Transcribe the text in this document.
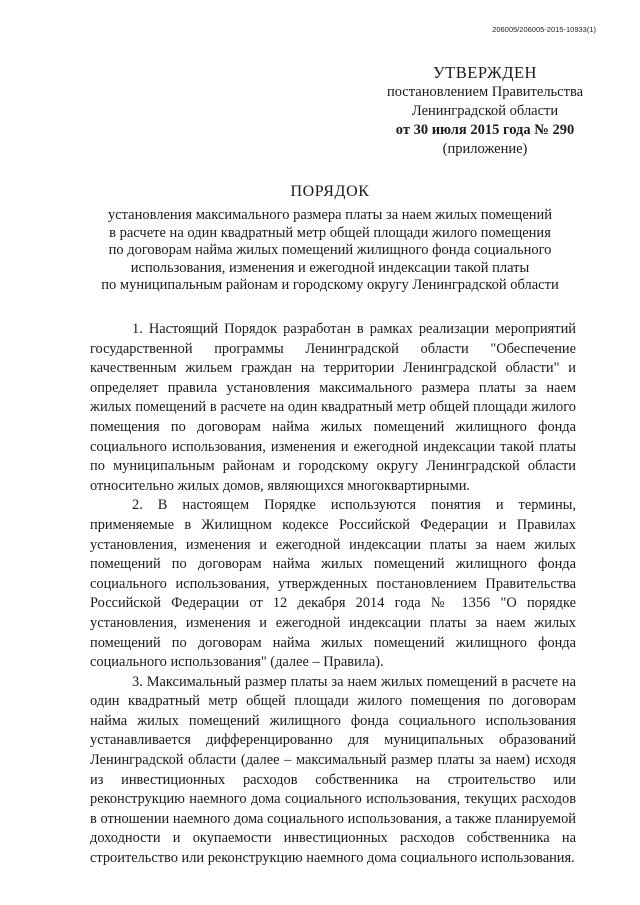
206005/206005-2015-10933(1)
УТВЕРЖДЕН
постановлением Правительства
Ленинградской области
от 30 июля 2015 года № 290
(приложение)
ПОРЯДОК
установления максимального размера платы за наем жилых помещений
в расчете на один квадратный метр общей площади жилого помещения
по договорам найма жилых помещений жилищного фонда социального
использования, изменения и ежегодной индексации такой платы
по муниципальным районам и городскому округу Ленинградской области

1. Настоящий Порядок разработан в рамках реализации мероприятий государственной программы Ленинградской области "Обеспечение качественным жильем граждан на территории Ленинградской области" и определяет правила установления максимального размера платы за наем жилых помещений в расчете на один квадратный метр общей площади жилого помещения по договорам найма жилых помещений жилищного фонда социального использования, изменения и ежегодной индексации такой платы по муниципальным районам и городскому округу Ленинградской области относительно жилых домов, являющихся многоквартирными.

2. В настоящем Порядке используются понятия и термины, применяемые в Жилищном кодексе Российской Федерации и Правилах установления, изменения и ежегодной индексации платы за наем жилых помещений по договорам найма жилых помещений жилищного фонда социального использования, утвержденных постановлением Правительства Российской Федерации от 12 декабря 2014 года № 1356 "О порядке установления, изменения и ежегодной индексации платы за наем жилых помещений по договорам найма жилых помещений жилищного фонда социального использования" (далее – Правила).

3. Максимальный размер платы за наем жилых помещений в расчете на один квадратный метр общей площади жилого помещения по договорам найма жилых помещений жилищного фонда социального использования устанавливается дифференцированно для муниципальных образований Ленинградской области (далее – максимальный размер платы за наем) исходя из инвестиционных расходов собственника на строительство или реконструкцию наемного дома социального использования, текущих расходов в отношении наемного дома социального использования, а также планируемой доходности и окупаемости инвестиционных расходов собственника на строительство или реконструкцию наемного дома социального использования.
